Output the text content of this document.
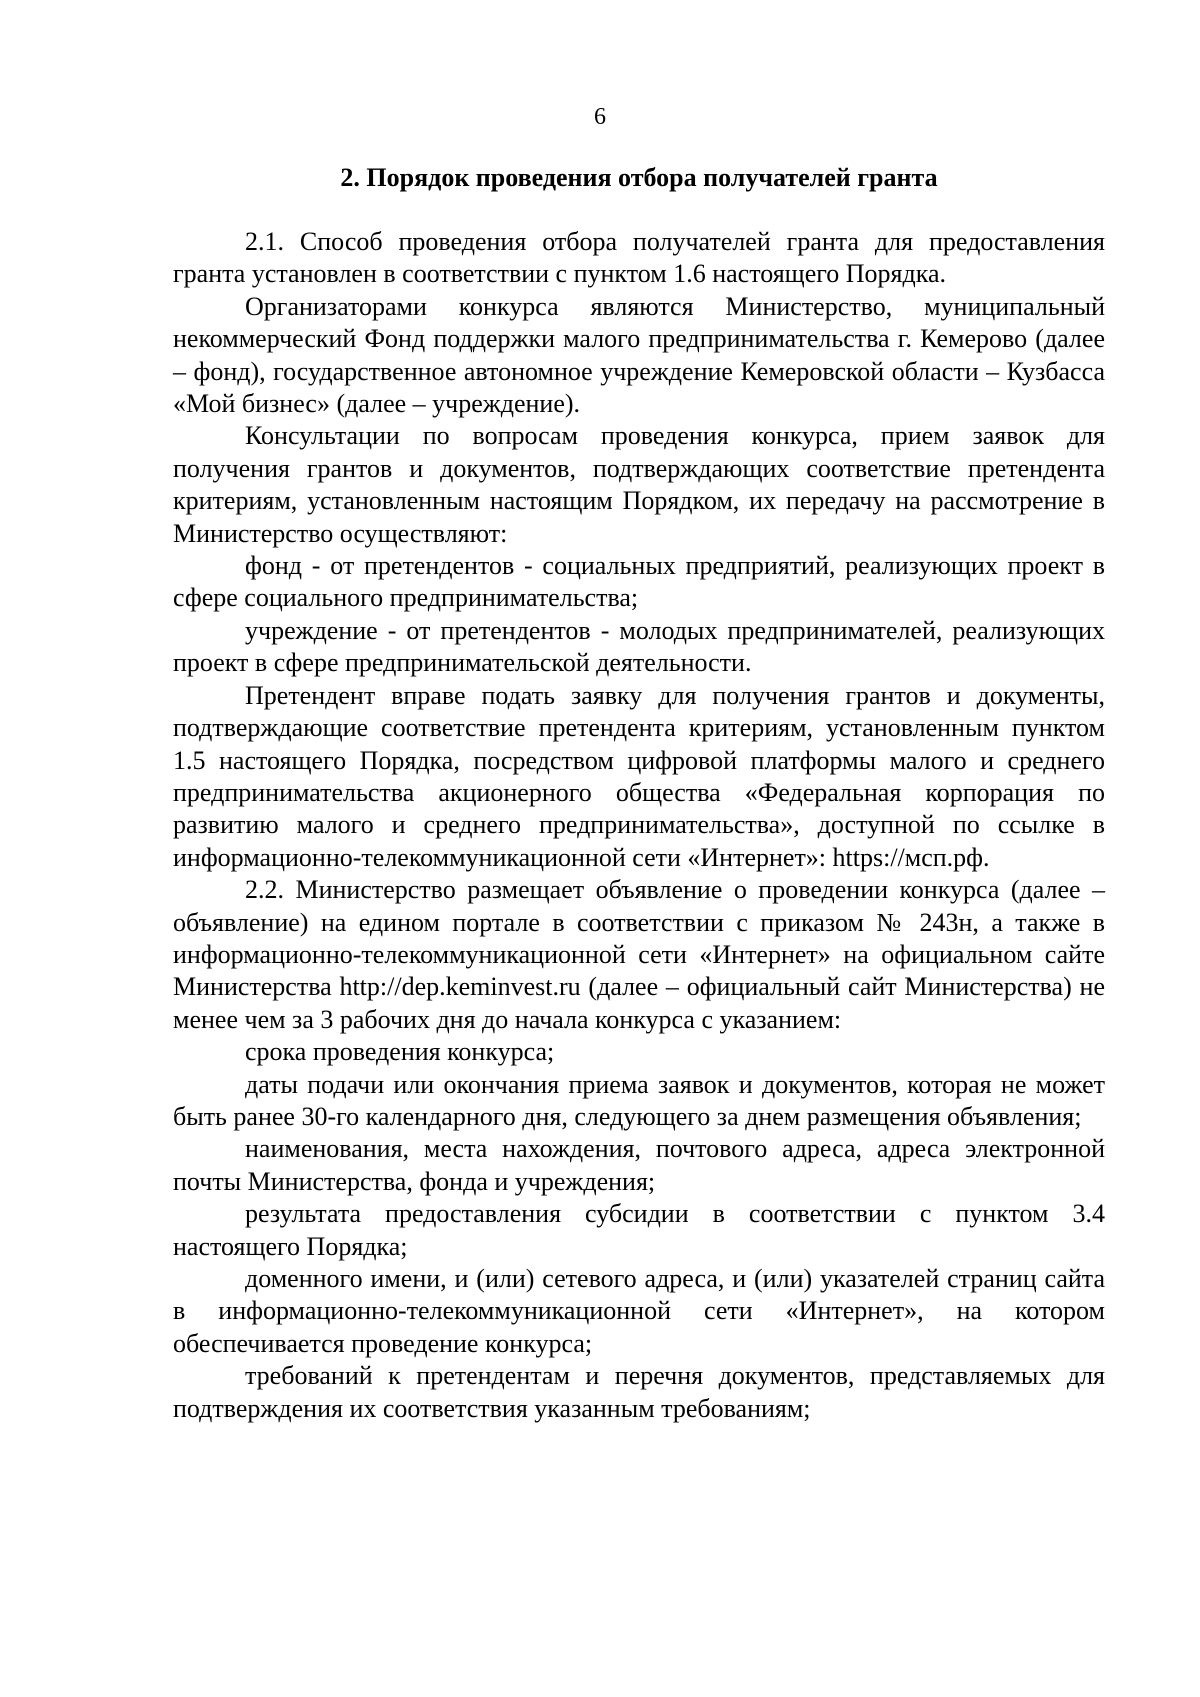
6
2. Порядок проведения отбора получателей гранта

2.1. Способ проведения отбора получателей гранта для предоставления гранта установлен в соответствии с пунктом 1.6 настоящего Порядка.

Организаторами конкурса являются Министерство, муниципальный некоммерческий Фонд поддержки малого предпринимательства г. Кемерово (далее – фонд), государственное автономное учреждение Кемеровской области – Кузбасса «Мой бизнес» (далее – учреждение).

Консультации по вопросам проведения конкурса, прием заявок для получения грантов и документов, подтверждающих соответствие претендента критериям, установленным настоящим Порядком, их передачу на рассмотрение в Министерство осуществляют:

фонд - от претендентов - социальных предприятий, реализующих проект в сфере социального предпринимательства;

учреждение - от претендентов - молодых предпринимателей, реализующих проект в сфере предпринимательской деятельности.

Претендент вправе подать заявку для получения грантов и документы, подтверждающие соответствие претендента критериям, установленным пунктом 1.5 настоящего Порядка, посредством цифровой платформы малого и среднего предпринимательства акционерного общества «Федеральная корпорация по развитию малого и среднего предпринимательства», доступной по ссылке в информационно-телекоммуникационной сети «Интернет»: https://мсп.рф.

2.2. Министерство размещает объявление о проведении конкурса (далее – объявление) на едином портале в соответствии с приказом № 243н, а также в информационно-телекоммуникационной сети «Интернет» на официальном сайте Министерства http://dep.keminvest.ru (далее – официальный сайт Министерства) не менее чем за 3 рабочих дня до начала конкурса с указанием:

срока проведения конкурса;

даты подачи или окончания приема заявок и документов, которая не может быть ранее 30-го календарного дня, следующего за днем размещения объявления;

наименования, места нахождения, почтового адреса, адреса электронной почты Министерства, фонда и учреждения;

результата предоставления субсидии в соответствии с пунктом 3.4 настоящего Порядка;

доменного имени, и (или) сетевого адреса, и (или) указателей страниц сайта в информационно-телекоммуникационной сети «Интернет», на котором обеспечивается проведение конкурса;

требований к претендентам и перечня документов, представляемых для подтверждения их соответствия указанным требованиям;
